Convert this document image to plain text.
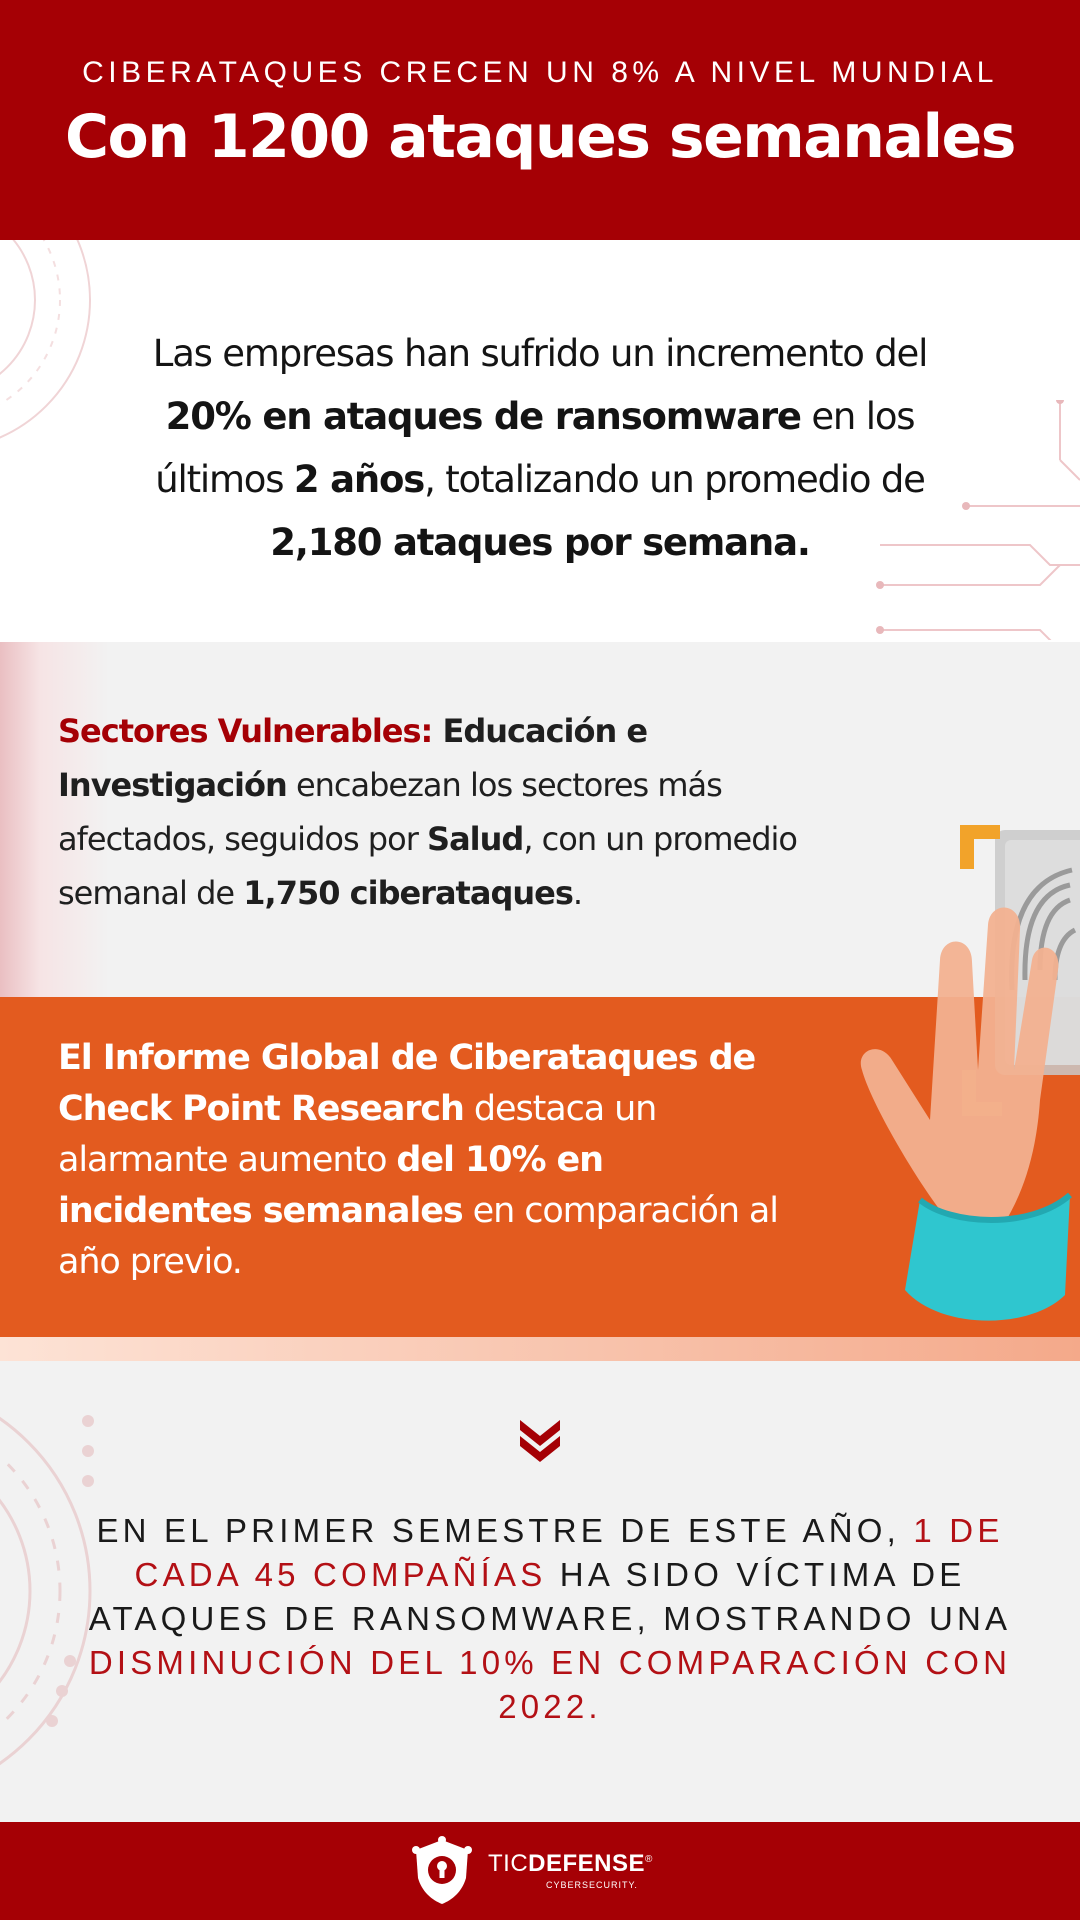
CIBERATAQUES CRECEN UN 8% A NIVEL MUNDIAL
Con 1200 ataques semanales
Las empresas han sufrido un incremento del 20% en ataques de ransomware en los últimos 2 años, totalizando un promedio de 2,180 ataques por semana.
Sectores Vulnerables: Educación e Investigación encabezan los sectores más afectados, seguidos por Salud, con un promedio semanal de 1,750 ciberataques.
El Informe Global de Ciberataques de Check Point Research destaca un alarmante aumento del 10% en incidentes semanales en comparación al año previo.
EN EL PRIMER SEMESTRE DE ESTE AÑO, 1 DE CADA 45 COMPAÑÍAS HA SIDO VÍCTIMA DE ATAQUES DE RANSOMWARE, MOSTRANDO UNA DISMINUCIÓN DEL 10% EN COMPARACIÓN CON 2022.
TICDEFENSE®
CYBERSECURITY.
